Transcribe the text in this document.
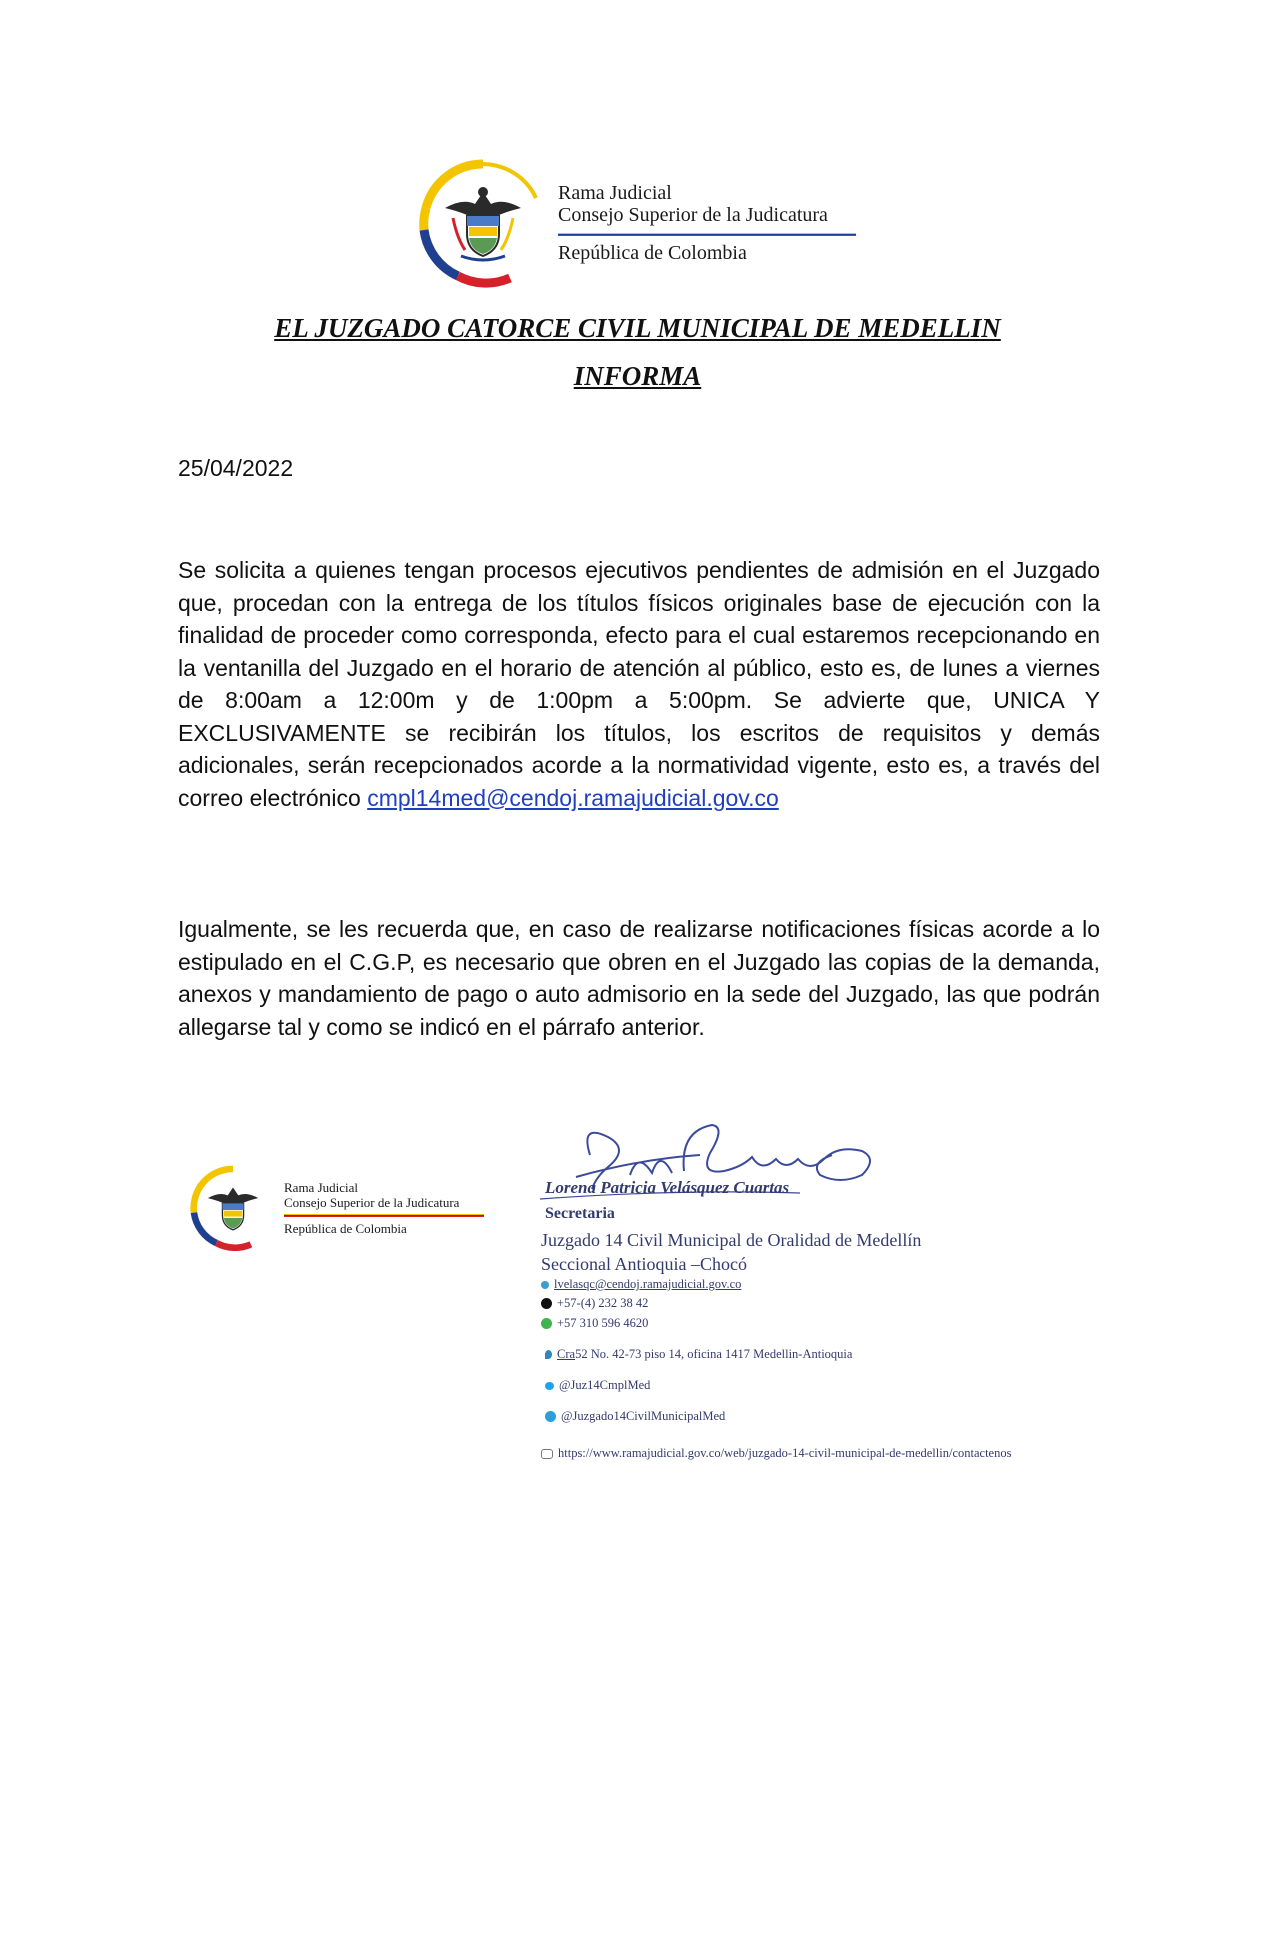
Rama Judicial
Consejo Superior de la Judicatura
República de Colombia
EL JUZGADO CATORCE CIVIL MUNICIPAL DE MEDELLIN
INFORMA
25/04/2022
Se solicita a quienes tengan procesos ejecutivos pendientes de admisión en el Juzgado que, procedan con la entrega de los títulos físicos originales base de ejecución con la finalidad de proceder como corresponda, efecto para el cual estaremos recepcionando en la ventanilla del Juzgado en el horario de atención al público, esto es, de lunes a viernes de 8:00am a 12:00m y de 1:00pm a 5:00pm. Se advierte que, UNICA Y EXCLUSIVAMENTE se recibirán los títulos, los escritos de requisitos y demás adicionales, serán recepcionados acorde a la normatividad vigente, esto es, a través del correo electrónico cmpl14med@cendoj.ramajudicial.gov.co
Igualmente, se les recuerda que, en caso de realizarse notificaciones físicas acorde a lo estipulado en el C.G.P, es necesario que obren en el Juzgado las copias de la demanda, anexos y mandamiento de pago o auto admisorio en la sede del Juzgado, las que podrán allegarse tal y como se indicó en el párrafo anterior.
Rama Judicial
Consejo Superior de la Judicatura
República de Colombia
Lorena Patricia Velásquez Cuartas
Secretaria
Juzgado 14 Civil Municipal de Oralidad de Medellín
Seccional Antioquia –Chocó
lvelasqc@cendoj.ramajudicial.gov.co
+57-(4) 232 38 42
+57 310 596 4620
Cra 52 No. 42-73 piso 14, oficina 1417 Medellin-Antioquia
@Juz14CmplMed
@Juzgado14CivilMunicipalMed
https://www.ramajudicial.gov.co/web/juzgado-14-civil-municipal-de-medellin/contactenos
